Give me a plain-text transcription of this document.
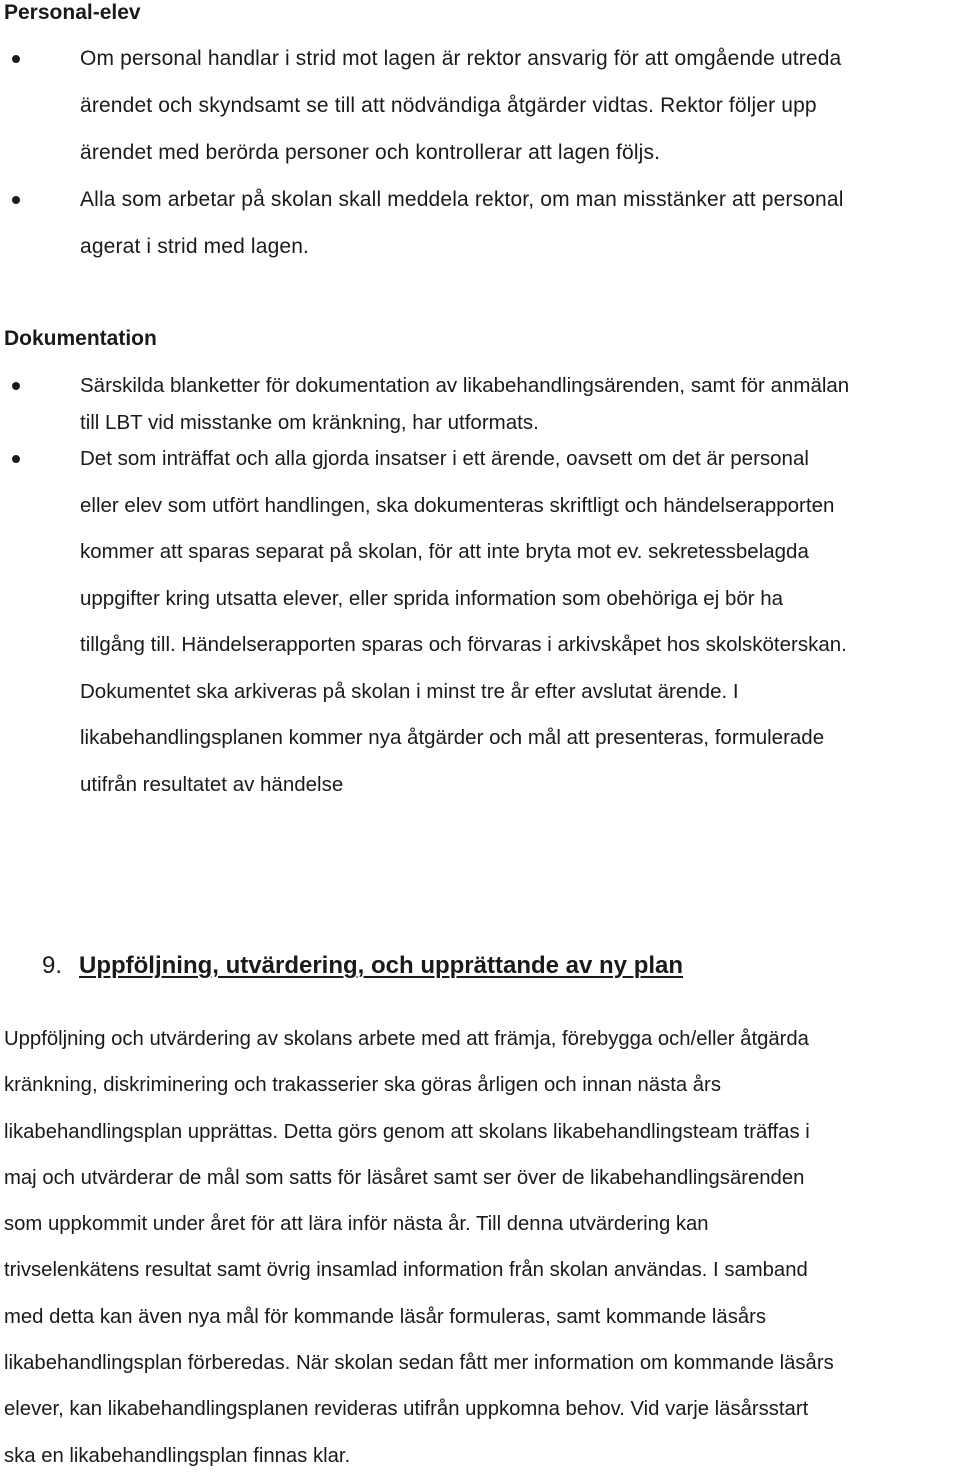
Personal-elev
Om personal handlar i strid mot lagen är rektor ansvarig för att omgående utreda
ärendet och skyndsamt se till att nödvändiga åtgärder vidtas. Rektor följer upp
ärendet med berörda personer och kontrollerar att lagen följs.
Alla som arbetar på skolan skall meddela rektor, om man misstänker att personal
agerat i strid med lagen.
Dokumentation
Särskilda blanketter för dokumentation av likabehandlingsärenden, samt för anmälan
till LBT vid misstanke om kränkning, har utformats.
Det som inträffat och alla gjorda insatser i ett ärende, oavsett om det är personal
eller elev som utfört handlingen, ska dokumenteras skriftligt och händelserapporten
kommer att sparas separat på skolan, för att inte bryta mot ev. sekretessbelagda
uppgifter kring utsatta elever, eller sprida information som obehöriga ej bör ha
tillgång till. Händelserapporten sparas och förvaras i arkivskåpet hos skolsköterskan.
Dokumentet ska arkiveras på skolan i minst tre år efter avslutat ärende. I
likabehandlingsplanen kommer nya åtgärder och mål att presenteras, formulerade
utifrån resultatet av händelse
9. Uppföljning, utvärdering, och upprättande av ny plan
Uppföljning och utvärdering av skolans arbete med att främja, förebygga och/eller åtgärda
kränkning, diskriminering och trakasserier ska göras årligen och innan nästa års
likabehandlingsplan upprättas. Detta görs genom att skolans likabehandlingsteam träffas i
maj och utvärderar de mål som satts för läsåret samt ser över de likabehandlingsärenden
som uppkommit under året för att lära inför nästa år. Till denna utvärdering kan
trivselenkätens resultat samt övrig insamlad information från skolan användas. I samband
med detta kan även nya mål för kommande läsår formuleras, samt kommande läsårs
likabehandlingsplan förberedas. När skolan sedan fått mer information om kommande läsårs
elever, kan likabehandlingsplanen revideras utifrån uppkomna behov. Vid varje läsårsstart
ska en likabehandlingsplan finnas klar.
